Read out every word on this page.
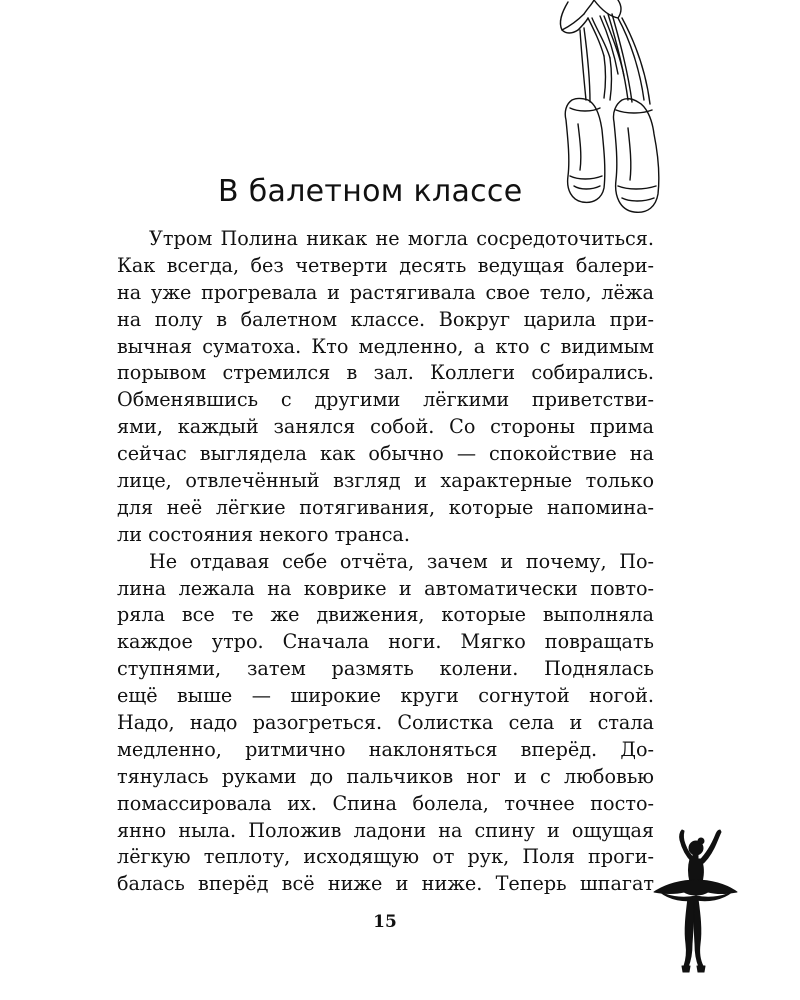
В балетном классе

Утром Полина никак не могла сосредоточиться.
Как всегда, без четверти десять ведущая балери-
на уже прогревала и растягивала свое тело, лёжа
на полу в балетном классе. Вокруг царила при-
вычная суматоха. Кто медленно, а кто с видимым
порывом стремился в зал. Коллеги собирались.
Обменявшись с другими лёгкими приветстви-
ями, каждый занялся собой. Со стороны прима
сейчас выглядела как обычно — спокойствие на
лице, отвлечённый взгляд и характерные только
для неё лёгкие потягивания, которые напомина-
ли состояния некого транса.

Не отдавая себе отчёта, зачем и почему, По-
лина лежала на коврике и автоматически повто-
ряла все те же движения, которые выполняла
каждое утро. Сначала ноги. Мягко повращать
ступнями, затем размять колени. Поднялась
ещё выше — широкие круги согнутой ногой.
Надо, надо разогреться. Солистка села и стала
медленно, ритмично наклоняться вперёд. До-
тянулась руками до пальчиков ног и с любовью
помассировала их. Спина болела, точнее посто-
янно ныла. Положив ладони на спину и ощущая
лёгкую теплоту, исходящую от рук, Поля проги-
балась вперёд всё ниже и ниже. Теперь шпагат

15
